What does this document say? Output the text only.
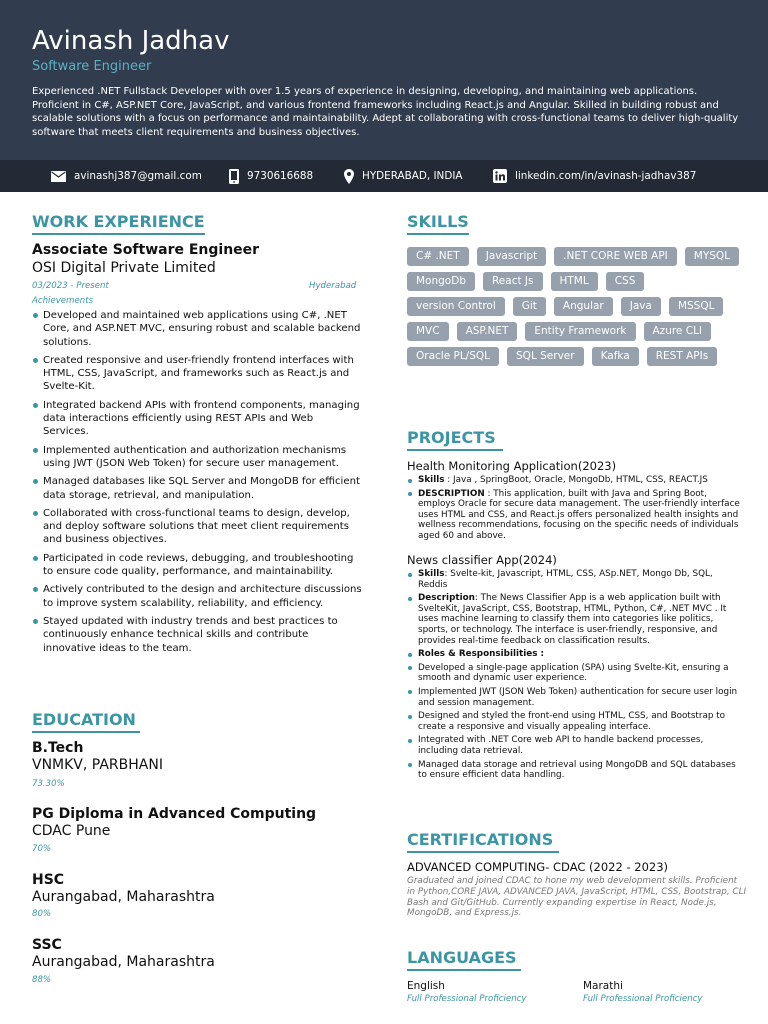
Avinash Jadhav
Software Engineer
Experienced .NET Fullstack Developer with over 1.5 years of experience in designing, developing, and maintaining web applications. Proficient in C#, ASP.NET Core, JavaScript, and various frontend frameworks including React.js and Angular. Skilled in building robust and scalable solutions with a focus on performance and maintainability. Adept at collaborating with cross-functional teams to deliver high-quality software that meets client requirements and business objectives.
avinashj387@gmail.com	9730616688	HYDERABAD, INDIA	linkedin.com/in/avinash-jadhav387
WORK EXPERIENCE
Associate Software Engineer
OSI Digital Private Limited
03/2023 - Present	Hyderabad
Achievements
Developed and maintained web applications using C#, .NET Core, and ASP.NET MVC, ensuring robust and scalable backend solutions.
Created responsive and user-friendly frontend interfaces with HTML, CSS, JavaScript, and frameworks such as React.js and Svelte-Kit.
Integrated backend APIs with frontend components, managing data interactions efficiently using REST APIs and Web Services.
Implemented authentication and authorization mechanisms using JWT (JSON Web Token) for secure user management.
Managed databases like SQL Server and MongoDB for efficient data storage, retrieval, and manipulation.
Collaborated with cross-functional teams to design, develop, and deploy software solutions that meet client requirements and business objectives.
Participated in code reviews, debugging, and troubleshooting to ensure code quality, performance, and maintainability.
Actively contributed to the design and architecture discussions to improve system scalability, reliability, and efficiency.
Stayed updated with industry trends and best practices to continuously enhance technical skills and contribute innovative ideas to the team.
EDUCATION
B.Tech
VNMKV, PARBHANI
73.30%
PG Diploma in Advanced Computing
CDAC Pune
70%
HSC
Aurangabad, Maharashtra
80%
SSC
Aurangabad, Maharashtra
88%
SKILLS
C# .NET	Javascript	.NET CORE WEB API	MYSQL
MongoDb	React Js	HTML	CSS
version Control	Git	Angular	Java	MSSQL
MVC	ASP.NET	Entity Framework	Azure CLI
Oracle PL/SQL	SQL Server	Kafka	REST APIs
PROJECTS
Health Monitoring Application(2023)
Skills : Java , SpringBoot, Oracle, MongoDb, HTML, CSS, REACT.JS
DESCRIPTION : This application, built with Java and Spring Boot, employs Oracle for secure data management. The user-friendly interface uses HTML and CSS, and React.js offers personalized health insights and wellness recommendations, focusing on the specific needs of individuals aged 60 and above.
News classifier App(2024)
Skills: Svelte-kit, Javascript, HTML, CSS, ASp.NET, Mongo Db, SQL, Reddis
Description: The News Classifier App is a web application built with SvelteKit, JavaScript, CSS, Bootstrap, HTML, Python, C#, .NET MVC . It uses machine learning to classify them into categories like politics, sports, or technology. The interface is user-friendly, responsive, and provides real-time feedback on classification results.
Roles & Responsibilities :
Developed a single-page application (SPA) using Svelte-Kit, ensuring a smooth and dynamic user experience.
Implemented JWT (JSON Web Token) authentication for secure user login and session management.
Designed and styled the front-end using HTML, CSS, and Bootstrap to create a responsive and visually appealing interface.
Integrated with .NET Core web API to handle backend processes, including data retrieval.
Managed data storage and retrieval using MongoDB and SQL databases to ensure efficient data handling.
CERTIFICATIONS
ADVANCED COMPUTING- CDAC (2022 - 2023)
Graduated and joined CDAC to hone my web development skills. Proficient in Python,CORE JAVA, ADVANCED JAVA, JavaScript, HTML, CSS, Bootstrap, CLI Bash and Git/GitHub. Currently expanding expertise in React, Node.js, MongoDB, and Express.js.
LANGUAGES
English
Full Professional Proficiency
Marathi
Full Professional Proficiency
